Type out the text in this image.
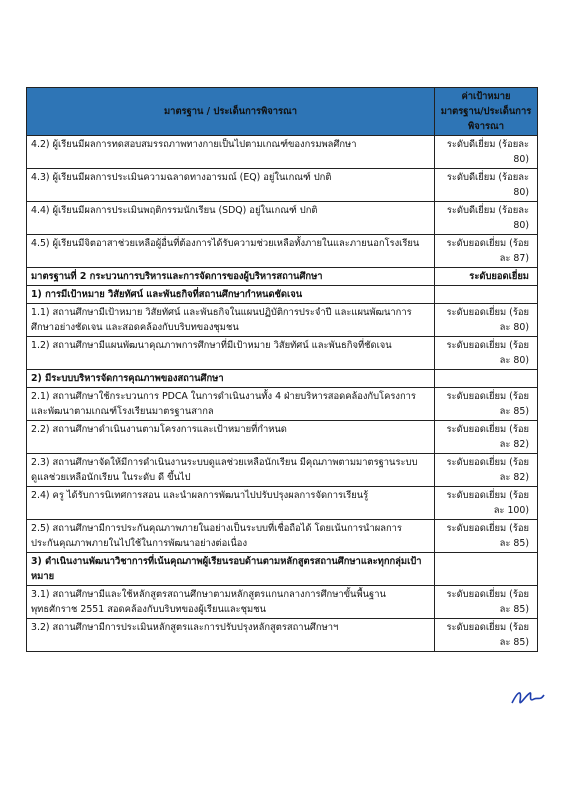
มาตรฐาน / ประเด็นการพิจารณา	ค่าเป้าหมาย มาตรฐาน/ประเด็นการพิจารณา
4.2) ผู้เรียนมีผลการทดสอบสมรรถภาพทางกายเป็นไปตามเกณฑ์ของกรมพลศึกษา	ระดับดีเยี่ยม (ร้อยละ 80)
4.3) ผู้เรียนมีผลการประเมินความฉลาดทางอารมณ์ (EQ) อยู่ในเกณฑ์ ปกติ	ระดับดีเยี่ยม (ร้อยละ 80)
4.4) ผู้เรียนมีผลการประเมินพฤติกรรมนักเรียน (SDQ) อยู่ในเกณฑ์ ปกติ	ระดับดีเยี่ยม (ร้อยละ 80)
4.5) ผู้เรียนมีจิตอาสาช่วยเหลือผู้อื่นที่ต้องการได้รับความช่วยเหลือทั้งภายในและภายนอกโรงเรียน	ระดับยอดเยี่ยม (ร้อยละ 87)
มาตรฐานที่ 2 กระบวนการบริหารและการจัดการของผู้บริหารสถานศึกษา	ระดับยอดเยี่ยม
1) การมีเป้าหมาย วิสัยทัศน์ และพันธกิจที่สถานศึกษากำหนดชัดเจน	
1.1) สถานศึกษามีเป้าหมาย วิสัยทัศน์ และพันธกิจในแผนปฏิบัติการประจำปี และแผนพัฒนาการศึกษาอย่างชัดเจน และสอดคล้องกับบริบทของชุมชน	ระดับยอดเยี่ยม (ร้อยละ 80)
1.2) สถานศึกษามีแผนพัฒนาคุณภาพการศึกษาที่มีเป้าหมาย วิสัยทัศน์ และพันธกิจที่ชัดเจน	ระดับยอดเยี่ยม (ร้อยละ 80)
2) มีระบบบริหารจัดการคุณภาพของสถานศึกษา	
2.1) สถานศึกษาใช้กระบวนการ PDCA ในการดำเนินงานทั้ง 4 ฝ่ายบริหารสอดคล้องกับโครงการและพัฒนาตามเกณฑ์โรงเรียนมาตรฐานสากล	ระดับยอดเยี่ยม (ร้อยละ 85)
2.2) สถานศึกษาดำเนินงานตามโครงการและเป้าหมายที่กำหนด	ระดับยอดเยี่ยม (ร้อยละ 82)
2.3) สถานศึกษาจัดให้มีการดำเนินงานระบบดูแลช่วยเหลือนักเรียน มีคุณภาพตามมาตรฐานระบบดูแลช่วยเหลือนักเรียน ในระดับ ดี ขึ้นไป	ระดับยอดเยี่ยม (ร้อยละ 82)
2.4) ครู ได้รับการนิเทศการสอน และนำผลการพัฒนาไปปรับปรุงผลการจัดการเรียนรู้	ระดับยอดเยี่ยม (ร้อยละ 100)
2.5) สถานศึกษามีการประกันคุณภาพภายในอย่างเป็นระบบที่เชื่อถือได้ โดยเน้นการนำผลการประกันคุณภาพภายในไปใช้ในการพัฒนาอย่างต่อเนื่อง	ระดับยอดเยี่ยม (ร้อยละ 85)
3) ดำเนินงานพัฒนาวิชาการที่เน้นคุณภาพผู้เรียนรอบด้านตามหลักสูตรสถานศึกษาและทุกกลุ่มเป้าหมาย	
3.1) สถานศึกษามีและใช้หลักสูตรสถานศึกษาตามหลักสูตรแกนกลางการศึกษาขั้นพื้นฐาน พุทธศักราช 2551 สอดคล้องกับบริบทของผู้เรียนและชุมชน	ระดับยอดเยี่ยม (ร้อยละ 85)
3.2) สถานศึกษามีการประเมินหลักสูตรและการปรับปรุงหลักสูตรสถานศึกษาฯ	ระดับยอดเยี่ยม (ร้อยละ 85)
